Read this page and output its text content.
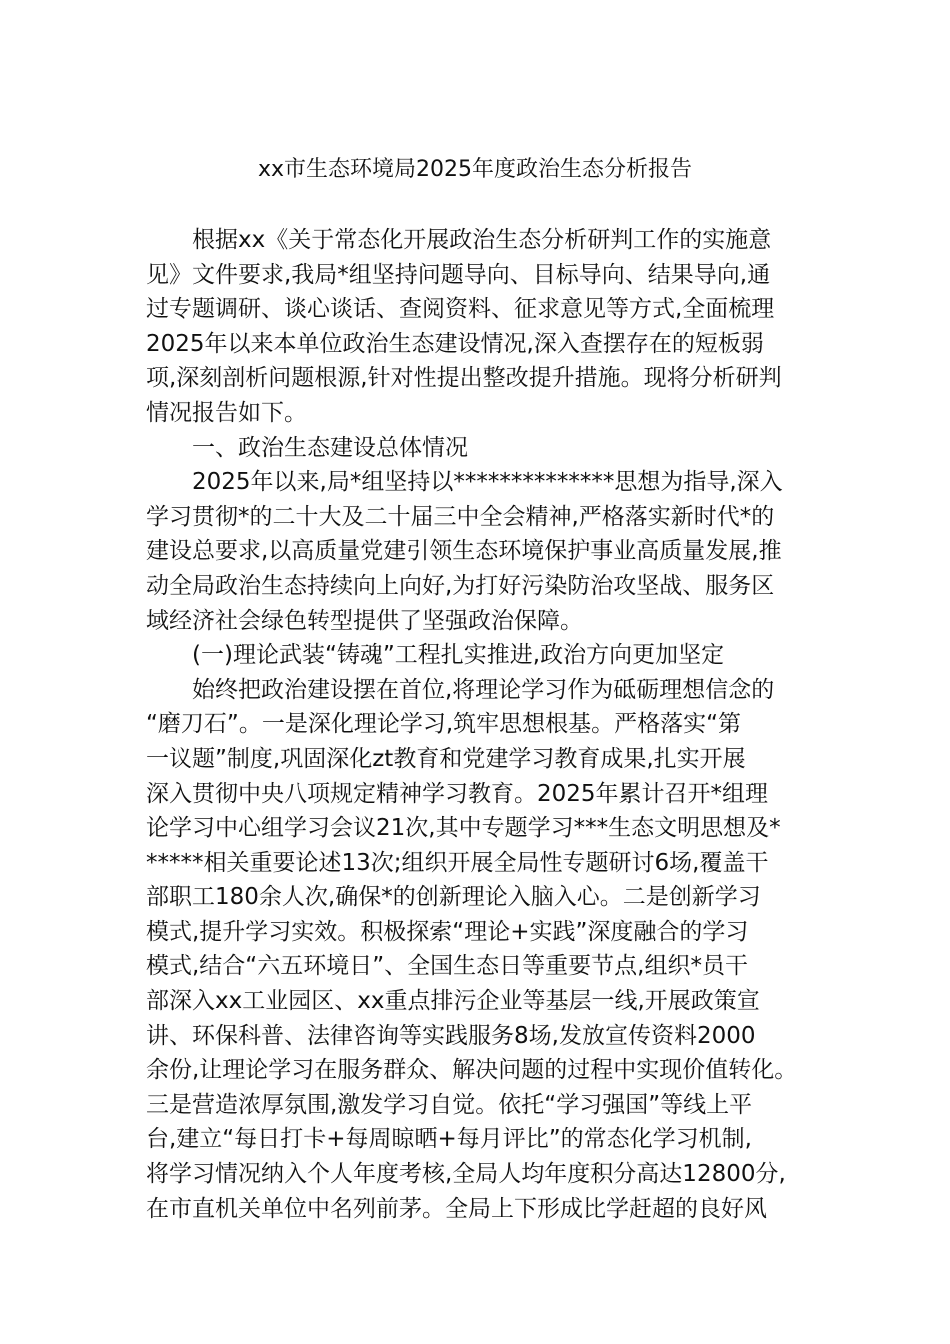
xx市生态环境局2025年度政治生态分析报告
根据xx《关于常态化开展政治生态分析研判工作的实施意
见》文件要求,我局*组坚持问题导向、目标导向、结果导向,通
过专题调研、谈心谈话、查阅资料、征求意见等方式,全面梳理
2025年以来本单位政治生态建设情况,深入查摆存在的短板弱
项,深刻剖析问题根源,针对性提出整改提升措施。现将分析研判
情况报告如下。
一、政治生态建设总体情况
2025年以来,局*组坚持以**************思想为指导,深入
学习贯彻*的二十大及二十届三中全会精神,严格落实新时代*的
建设总要求,以高质量党建引领生态环境保护事业高质量发展,推
动全局政治生态持续向上向好,为打好污染防治攻坚战、服务区
域经济社会绿色转型提供了坚强政治保障。
(一)理论武装“铸魂”工程扎实推进,政治方向更加坚定
始终把政治建设摆在首位,将理论学习作为砥砺理想信念的
“磨刀石”。一是深化理论学习,筑牢思想根基。严格落实“第
一议题”制度,巩固深化zt教育和党建学习教育成果,扎实开展
深入贯彻中央八项规定精神学习教育。2025年累计召开*组理
论学习中心组学习会议21次,其中专题学习***生态文明思想及*
*****相关重要论述13次;组织开展全局性专题研讨6场,覆盖干
部职工180余人次,确保*的创新理论入脑入心。二是创新学习
模式,提升学习实效。积极探索“理论+实践”深度融合的学习
模式,结合“六五环境日”、全国生态日等重要节点,组织*员干
部深入xx工业园区、xx重点排污企业等基层一线,开展政策宣
讲、环保科普、法律咨询等实践服务8场,发放宣传资料2000
余份,让理论学习在服务群众、解决问题的过程中实现价值转化。
三是营造浓厚氛围,激发学习自觉。依托“学习强国”等线上平
台,建立“每日打卡+每周晾晒+每月评比”的常态化学习机制,
将学习情况纳入个人年度考核,全局人均年度积分高达12800分,
在市直机关单位中名列前茅。全局上下形成比学赶超的良好风
